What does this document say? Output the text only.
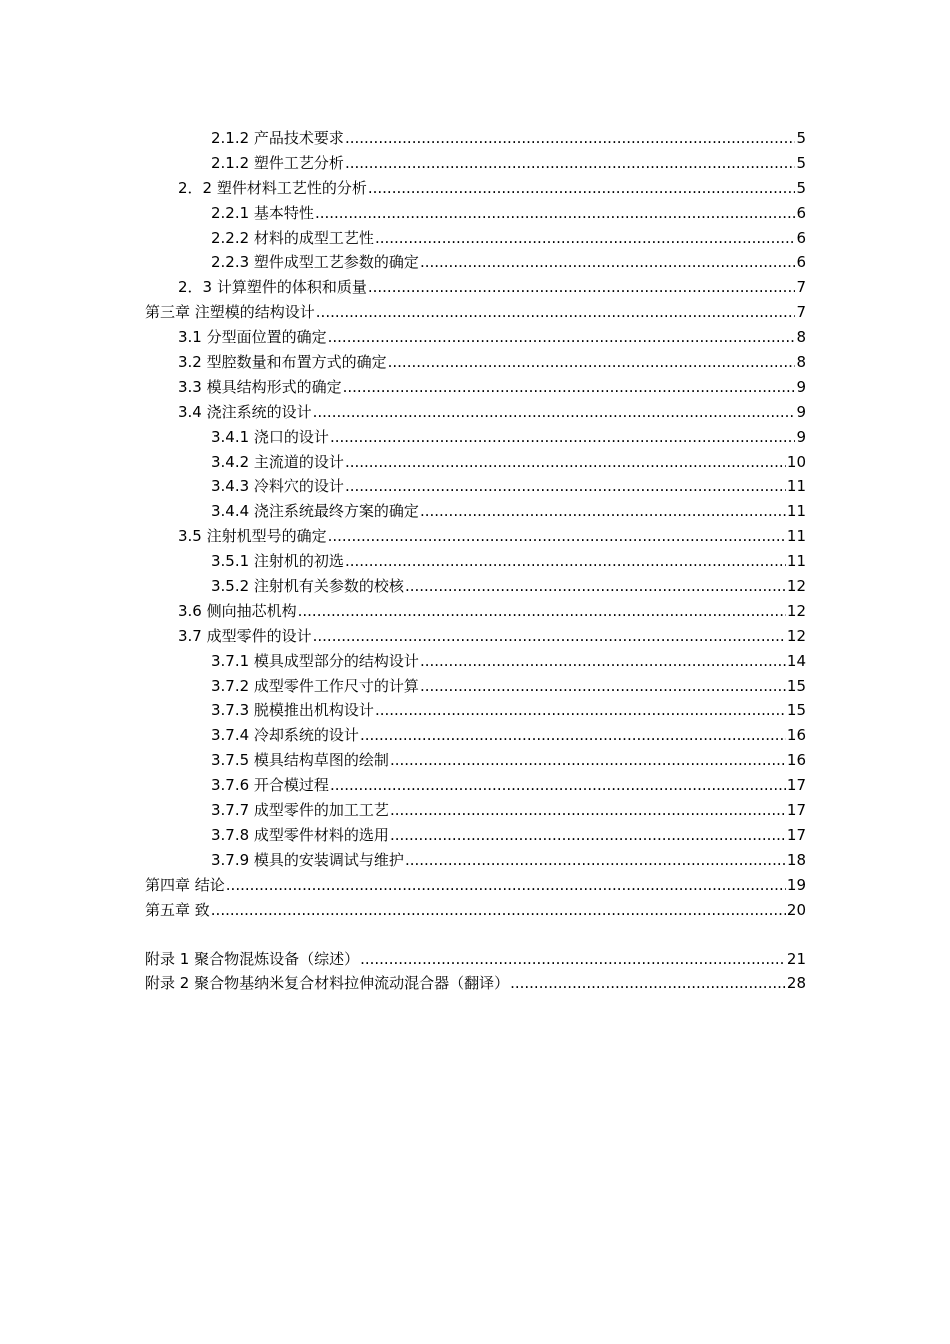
2.1.2 产品技术要求 .....	5
2.1.2 塑件工艺分析 .....	5
2．2 塑件材料工艺性的分析 .....	5
2.2.1 基本特性 .....	6
2.2.2 材料的成型工艺性 .....	6
2.2.3 塑件成型工艺参数的确定 .....	6
2．3 计算塑件的体积和质量 .....	7
第三章 注塑模的结构设计 .....	7
3.1 分型面位置的确定 .....	8
3.2 型腔数量和布置方式的确定 .....	8
3.3 模具结构形式的确定 .....	9
3.4 浇注系统的设计 .....	9
3.4.1 浇口的设计 .....	9
3.4.2 主流道的设计 .....	10
3.4.3 冷料穴的设计 .....	11
3.4.4 浇注系统最终方案的确定 .....	11
3.5 注射机型号的确定 .....	11
3.5.1 注射机的初选 .....	11
3.5.2 注射机有关参数的校核 .....	12
3.6 侧向抽芯机构 .....	12
3.7 成型零件的设计 .....	12
3.7.1 模具成型部分的结构设计 .....	14
3.7.2 成型零件工作尺寸的计算 .....	15
3.7.3 脱模推出机构设计 .....	15
3.7.4 冷却系统的设计 .....	16
3.7.5 模具结构草图的绘制 .....	16
3.7.6 开合模过程 .....	17
3.7.7 成型零件的加工工艺 .....	17
3.7.8 成型零件材料的选用 .....	17
3.7.9 模具的安装调试与维护 .....	18
第四章 结论 .....	19
第五章 致 .....	20
附录 1 聚合物混炼设备（综述） .....	21
附录 2 聚合物基纳米复合材料拉伸流动混合器（翻译） .....	28
